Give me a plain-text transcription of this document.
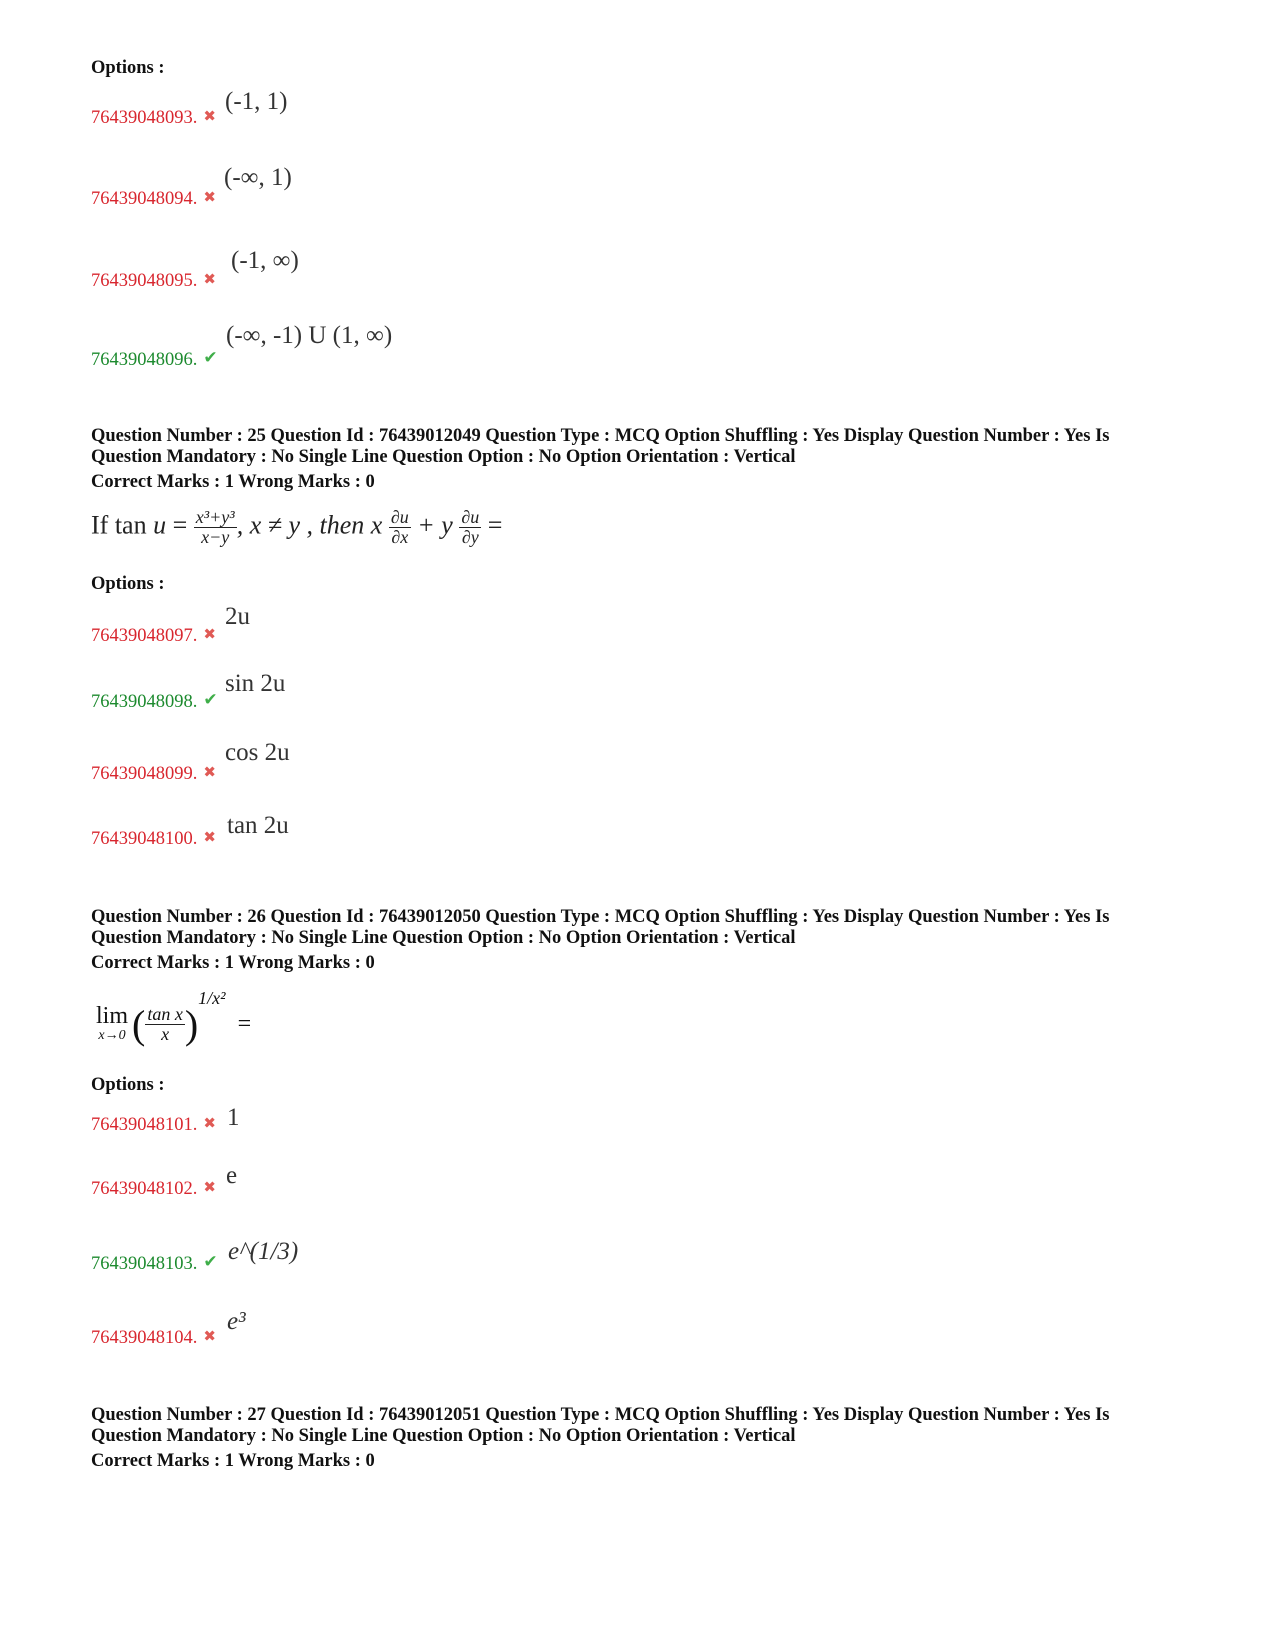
Options :
76439048093. ✖
(-1, 1)
76439048094. ✖
(-∞, 1)
76439048095. ✖
(-1, ∞)
76439048096. ✔
(-∞, -1) U (1, ∞)
Question Number : 25 Question Id : 76439012049 Question Type : MCQ Option Shuffling : Yes Display Question Number : Yes Is
Question Mandatory : No Single Line Question Option : No Option Orientation : Vertical
Correct Marks : 1 Wrong Marks : 0
If $\tan u = \frac{\text{x³+y³}}{x-y}$ , x ≠ y , then x $\frac{\partial u}{\partial x} + y \frac{\partial u}{\partial y}$ =
Options :
76439048097. ✖
2u
76439048098. ✔
sin 2u
76439048099. ✖
cos 2u
76439048100. ✖ tan 2u
Question Number : 26 Question Id : 76439012050 Question Type : MCQ Option Shuffling : Yes Display Question Number : Yes Is
Question Mandatory : No Single Line Question Option : No Option Orientation : Vertical
Correct Marks : 1 Wrong Marks : 0
lim
x→0 ( $\frac{\text{tan x}}{x} )^{1/x^2}$ =
Options :
76439048101. ✖ 1
76439048102. ✖ e
76439048103. ✔ e^(1/3)
76439048104. ✖
e³
Question Number : 27 Question Id : 76439012051 Question Type : MCQ Option Shuffling : Yes Display Question Number : Yes Is
Question Mandatory : No Single Line Question Option : No Option Orientation : Vertical
Correct Marks : 1 Wrong Marks : 0
